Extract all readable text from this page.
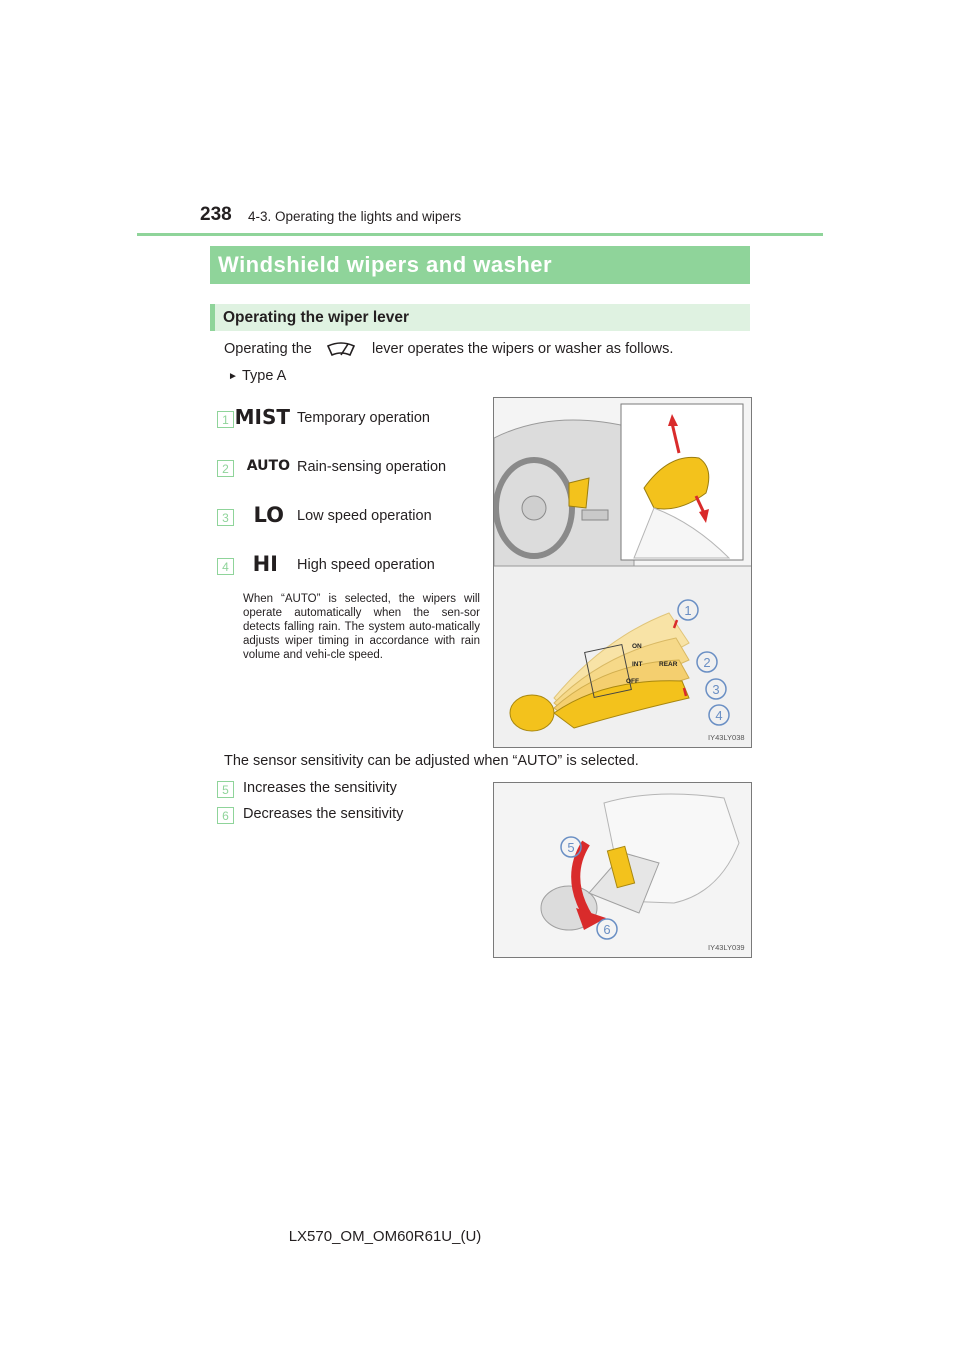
238 4-3. Operating the lights and wipers
Windshield wipers and washer
Operating the wiper lever
Operating the	lever operates the wipers or washer as follows.
► Type A
1 MIST Temporary operation
2	AUTO Rain-sensing operation
3	LO Low speed operation
4	HI High speed operation
When “AUTO” is selected, the wipers will operate automatically when the sen-sor detects falling rain. The system auto-matically adjusts wiper timing in accordance with rain volume and vehi-cle speed.
ON
INT
OFF
REAR
1
2
3
4
IY43LY038
The sensor sensitivity can be adjusted when “AUTO” is selected.
5 Increases the sensitivity
6 Decreases the sensitivity
5
6
IY43LY039
LX570_OM_OM60R61U_(U)
